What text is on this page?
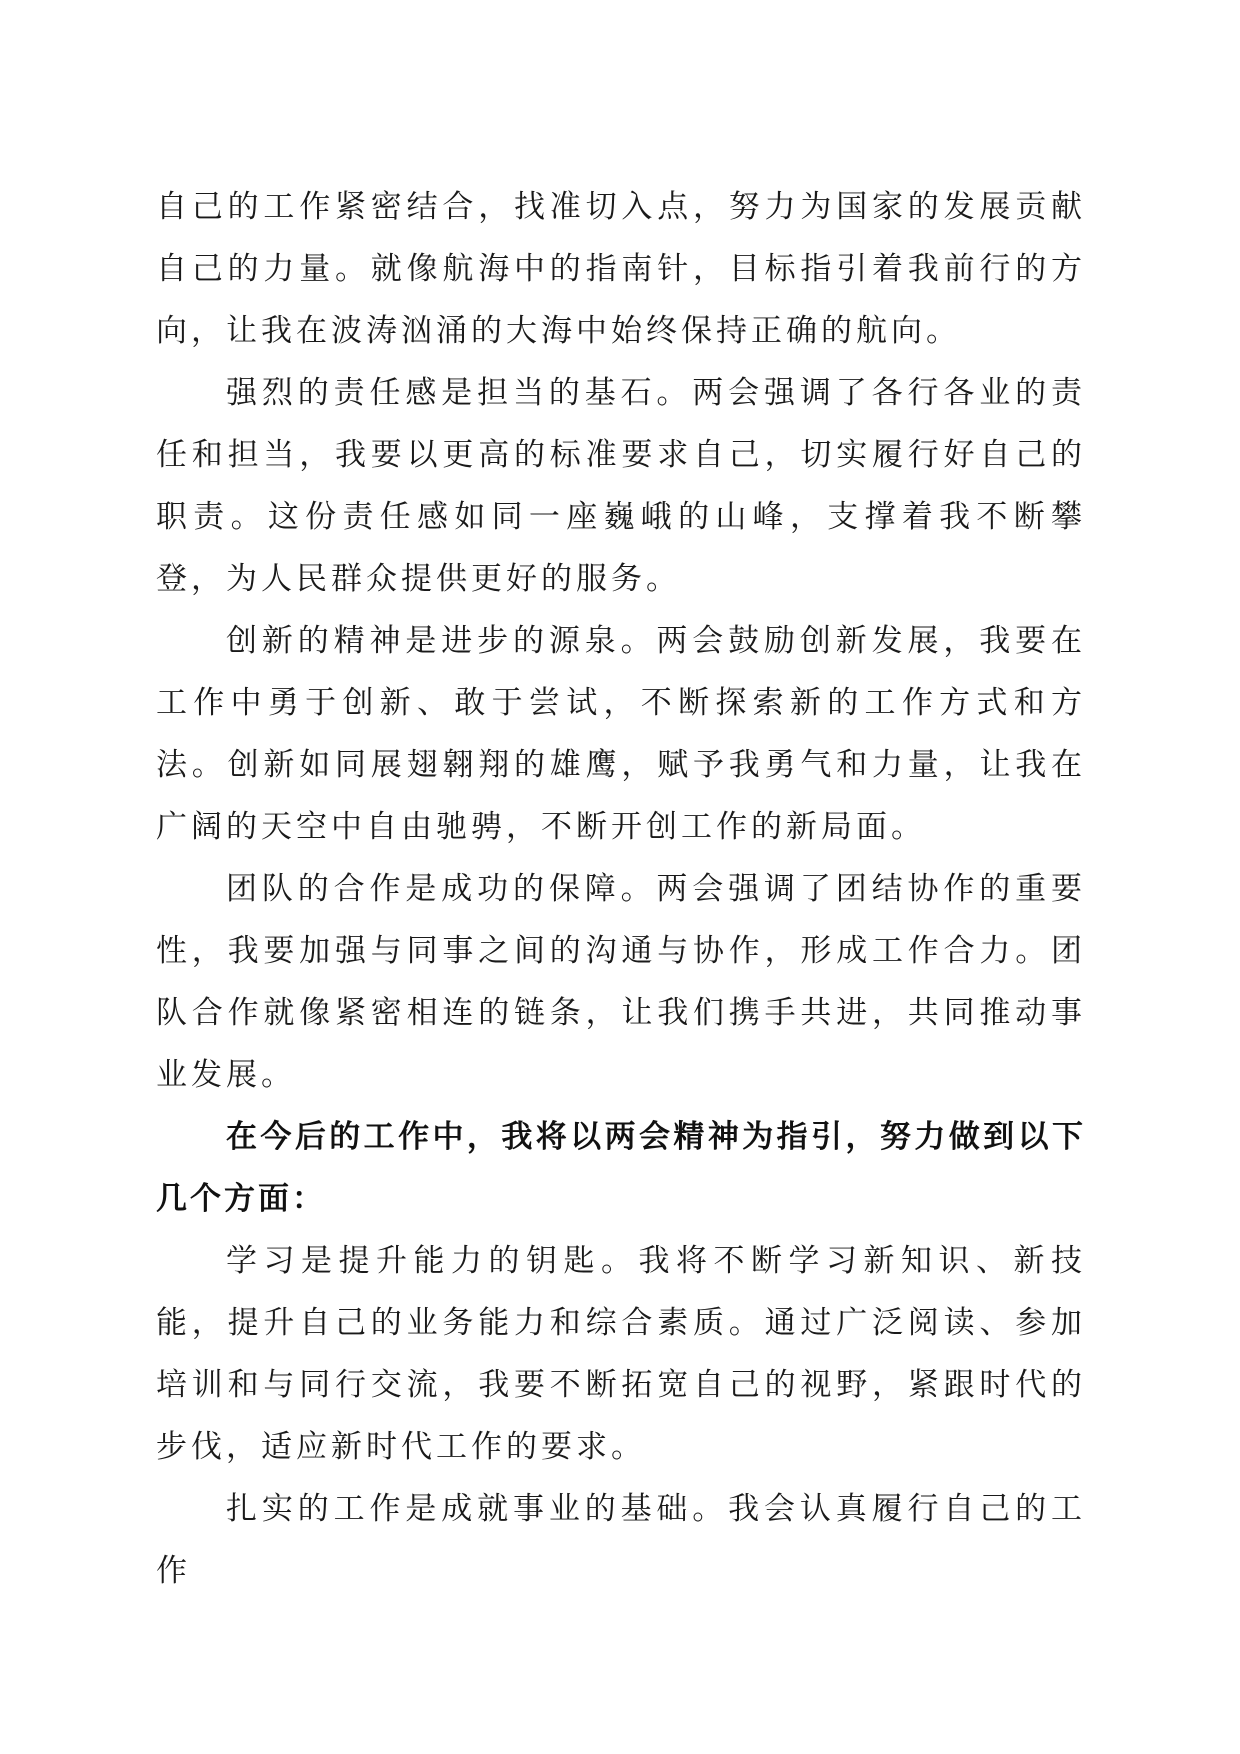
自己的工作紧密结合，找准切入点，努力为国家的发展贡献自己的力量。就像航海中的指南针，目标指引着我前行的方向，让我在波涛汹涌的大海中始终保持正确的航向。

强烈的责任感是担当的基石。两会强调了各行各业的责任和担当，我要以更高的标准要求自己，切实履行好自己的职责。这份责任感如同一座巍峨的山峰，支撑着我不断攀登，为人民群众提供更好的服务。

创新的精神是进步的源泉。两会鼓励创新发展，我要在工作中勇于创新、敢于尝试，不断探索新的工作方式和方法。创新如同展翅翱翔的雄鹰，赋予我勇气和力量，让我在广阔的天空中自由驰骋，不断开创工作的新局面。

团队的合作是成功的保障。两会强调了团结协作的重要性，我要加强与同事之间的沟通与协作，形成工作合力。团队合作就像紧密相连的链条，让我们携手共进，共同推动事业发展。

在今后的工作中，我将以两会精神为指引，努力做到以下几个方面：

学习是提升能力的钥匙。我将不断学习新知识、新技能，提升自己的业务能力和综合素质。通过广泛阅读、参加培训和与同行交流，我要不断拓宽自己的视野，紧跟时代的步伐，适应新时代工作的要求。

扎实的工作是成就事业的基础。我会认真履行自己的工作
